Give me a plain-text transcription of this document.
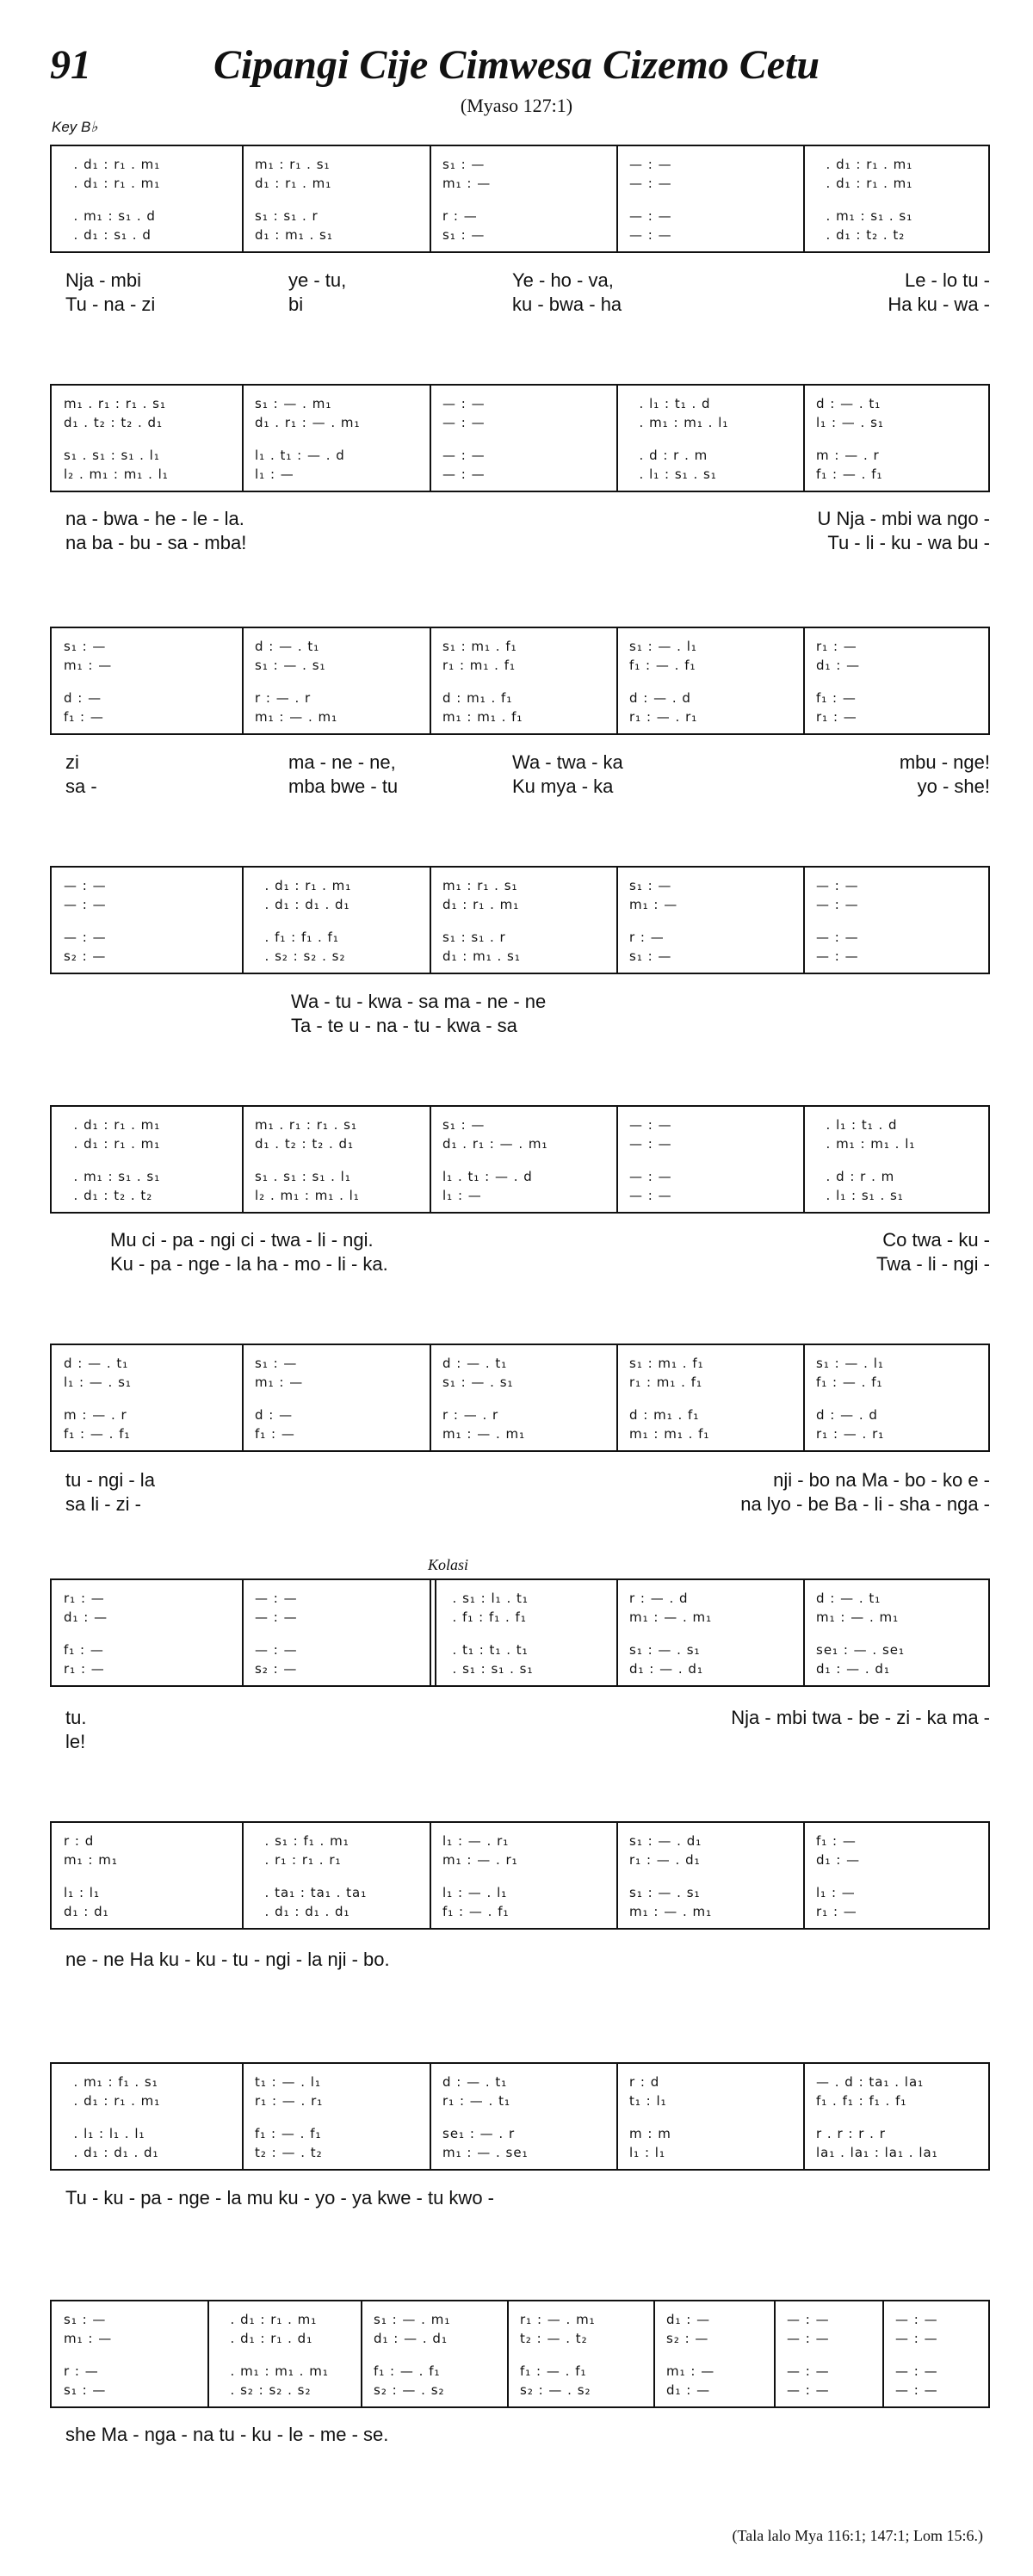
91	Cipangi Cije Cimwesa Cizemo Cetu
(Myaso 127:1)
Key B♭
Kolasi
(Tala lalo Mya 116:1; 147:1; Lom 15:6.)
. d₁ : r₁ . m₁	m₁ : r₁ . s₁	s₁ : —	— : —	. d₁ : r₁ . m₁
. d₁ : r₁ . m₁	d₁ : r₁ . m₁	m₁ : —	— : —	. d₁ : r₁ . m₁
. m₁ : s₁ . d	s₁ : s₁ . r	r : —	— : —	. m₁ : s₁ . s₁
. d₁ : s₁ . d	d₁ : m₁ . s₁	s₁ : —	— : —	. d₁ : t₂ . t₂
Nja - mbi	ye - tu,	Ye - ho - va,	Le - lo tu -
Tu - na - zi	bi	ku - bwa - ha	Ha ku - wa -
m₁ . r₁ : r₁ . s₁	s₁ : — . m₁	— : —	. l₁ : t₁ . d	d : — . t₁
d₁ . t₂ : t₂ . d₁	d₁ . r₁ : — . m₁	— : —	. m₁ : m₁ . l₁	l₁ : — . s₁
s₁ . s₁ : s₁ . l₁	l₁ . t₁ : — . d	— : —	. d : r . m	m : — . r
l₂ . m₁ : m₁ . l₁	l₁ : —	— : —	. l₁ : s₁ . s₁	f₁ : — . f₁
na - bwa - he - le - la.	U Nja - mbi wa ngo -
na ba - bu - sa - mba!	Tu - li - ku - wa bu -
s₁ : —	d : — . t₁	s₁ : m₁ . f₁	s₁ : — . l₁	r₁ : —
m₁ : —	s₁ : — . s₁	r₁ : m₁ . f₁	f₁ : — . f₁	d₁ : —
d : —	r : — . r	d : m₁ . f₁	d : — . d	f₁ : —
f₁ : —	m₁ : — . m₁	m₁ : m₁ . f₁	r₁ : — . r₁	r₁ : —
zi	ma - ne - ne,	Wa - twa - ka	mbu - nge!
sa -	mba bwe - tu	Ku mya - ka	yo - she!
— : —	. d₁ : r₁ . m₁	m₁ : r₁ . s₁	s₁ : —	— : —
— : —	. d₁ : d₁ . d₁	d₁ : r₁ . m₁	m₁ : —	— : —
— : —	. f₁ : f₁ . f₁	s₁ : s₁ . r	r : —	— : —
s₂ : —	. s₂ : s₂ . s₂	d₁ : m₁ . s₁	s₁ : —	— : —
Wa - tu - kwa - sa ma - ne - ne
Ta - te u - na - tu - kwa - sa
. d₁ : r₁ . m₁	m₁ . r₁ : r₁ . s₁	s₁ : —	— : —	. l₁ : t₁ . d
. d₁ : r₁ . m₁	d₁ . t₂ : t₂ . d₁	d₁ . r₁ : — . m₁	— : —	. m₁ : m₁ . l₁
. m₁ : s₁ . s₁	s₁ . s₁ : s₁ . l₁	l₁ . t₁ : — . d	— : —	. d : r . m
. d₁ : t₂ . t₂	l₂ . m₁ : m₁ . l₁	l₁ : —	— : —	. l₁ : s₁ . s₁
Mu ci - pa - ngi ci - twa - li - ngi.	Co twa - ku -
Ku - pa - nge - la ha - mo - li - ka.	Twa - li - ngi -
d : — . t₁	s₁ : —	d : — . t₁	s₁ : m₁ . f₁	s₁ : — . l₁
l₁ : — . s₁	m₁ : —	s₁ : — . s₁	r₁ : m₁ . f₁	f₁ : — . f₁
m : — . r	d : —	r : — . r	d : m₁ . f₁	d : — . d
f₁ : — . f₁	f₁ : —	m₁ : — . m₁	m₁ : m₁ . f₁	r₁ : — . r₁
tu - ngi - la	nji - bo na Ma - bo - ko e -
sa li - zi -	na lyo - be Ba - li - sha - nga -
r₁ : —	— : —	. s₁ : l₁ . t₁	r : — . d	d : — . t₁
d₁ : —	— : —	. f₁ : f₁ . f₁	m₁ : — . m₁	m₁ : — . m₁
f₁ : —	— : —	. t₁ : t₁ . t₁	s₁ : — . s₁	se₁ : — . se₁
r₁ : —	s₂ : —	. s₁ : s₁ . s₁	d₁ : — . d₁	d₁ : — . d₁
tu.	Nja - mbi twa - be - zi - ka ma -
le!
r : d	. s₁ : f₁ . m₁	l₁ : — . r₁	s₁ : — . d₁	f₁ : —
m₁ : m₁	. r₁ : r₁ . r₁	m₁ : — . r₁	r₁ : — . d₁	d₁ : —
l₁ : l₁	. ta₁ : ta₁ . ta₁	l₁ : — . l₁	s₁ : — . s₁	l₁ : —
d₁ : d₁	. d₁ : d₁ . d₁	f₁ : — . f₁	m₁ : — . m₁	r₁ : —
ne - ne Ha ku - ku - tu - ngi - la nji - bo.
. m₁ : f₁ . s₁	t₁ : — . l₁	d : — . t₁	r : d	— . d : ta₁ . la₁
. d₁ : r₁ . m₁	r₁ : — . r₁	r₁ : — . t₁	t₁ : l₁	f₁ . f₁ : f₁ . f₁
. l₁ : l₁ . l₁	f₁ : — . f₁	se₁ : — . r	m : m	r . r : r . r
. d₁ : d₁ . d₁	t₂ : — . t₂	m₁ : — . se₁	l₁ : l₁	la₁ . la₁ : la₁ . la₁
Tu - ku - pa - nge - la mu ku - yo - ya kwe - tu kwo -
s₁ : —	. d₁ : r₁ . m₁	s₁ : — . m₁	r₁ : — . m₁	d₁ : —	— : —	— : —
m₁ : —	. d₁ : r₁ . d₁	d₁ : — . d₁	t₂ : — . t₂	s₂ : —	— : —	— : —
r : —	. m₁ : m₁ . m₁	f₁ : — . f₁	f₁ : — . f₁	m₁ : —	— : —	— : —
s₁ : —	. s₂ : s₂ . s₂	s₂ : — . s₂	s₂ : — . s₂	d₁ : —	— : —	— : —
she Ma - nga - na tu - ku - le - me - se.
